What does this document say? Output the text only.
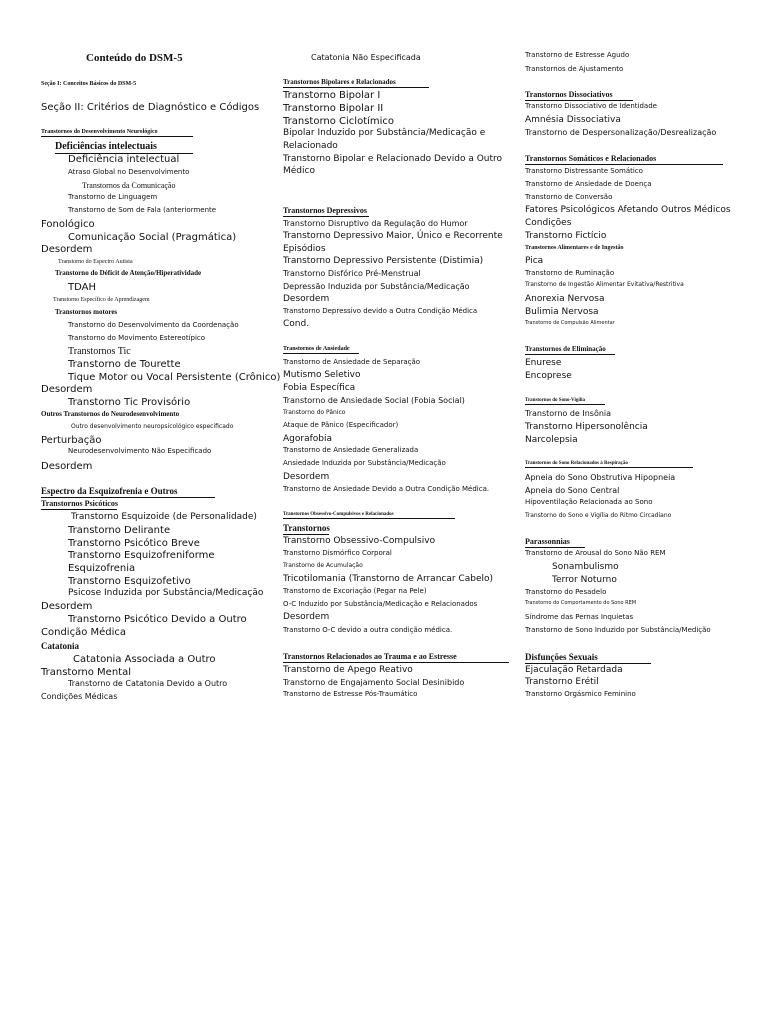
Conteúdo do DSM-5
Seção I: Conceitos Básicos do DSM-5
Seção II: Critérios de Diagnóstico e Códigos
Transtornos do Desenvolvimento Neurológico
Deficiências intelectuais
Deficiência intelectual
Atraso Global no Desenvolvimento
Transtornos da Comunicação
Transtorno de Linguagem
Transtorno de Som de Fala (anteriormente
Fonológico
Comunicação Social (Pragmática)
Desordem
Transtorno do Espectro Autista
Transtorno do Déficit de Atenção/Hiperatividade
TDAH
Transtorno Específico de Aprendizagem
Transtornos motores
Transtorno do Desenvolvimento da Coordenação
Transtorno do Movimento Estereotípico
Transtornos Tic
Transtorno de Tourette
Tique Motor ou Vocal Persistente (Crônico)
Desordem
Transtorno Tic Provisório
Outros Transtornos do Neurodesenvolvimento
Outro desenvolvimento neuropsicológico especificado
Perturbação
Neurodesenvolvimento Não Especificado
Desordem
Espectro da Esquizofrenia e Outros
Transtornos Psicóticos
Transtorno Esquizoide (de Personalidade)
Transtorno Delirante
Transtorno Psicótico Breve
Transtorno Esquizofreniforme
Esquizofrenia
Transtorno Esquizofetivo
Psicose Induzida por Substância/Medicação
Desordem
Transtorno Psicótico Devido a Outro
Condição Médica
Catatonia
Catatonia Associada a Outro
Transtorno Mental
Transtorno de Catatonia Devido a Outro
Condições Médicas
Catatonia Não Especificada
Transtornos Bipolares e Relacionados
Transtorno Bipolar I
Transtorno Bipolar II
Transtorno Ciclotímico
Bipolar Induzido por Substância/Medicação e
Relacionado
Transtorno Bipolar e Relacionado Devido a Outro
Médico
Transtornos Depressivos
Transtorno Disruptivo da Regulação do Humor
Transtorno Depressivo Maior, Único e Recorrente
Episódios
Transtorno Depressivo Persistente (Distimia)
Transtorno Disfórico Pré-Menstrual
Depressão Induzida por Substância/Medicação
Desordem
Transtorno Depressivo devido a Outra Condição Médica
Cond.
Transtornos de Ansiedade
Transtorno de Ansiedade de Separação
Mutismo Seletivo
Fobia Específica
Transtorno de Ansiedade Social (Fobia Social)
Transtorno do Pânico
Ataque de Pânico (Especificador)
Agorafobia
Transtorno de Ansiedade Generalizada
Ansiedade Induzida por Substância/Medicação
Desordem
Transtorno de Ansiedade Devido a Outra Condição Médica.
Transtornos Obsessivo-Compulsivos e Relacionados
Transtornos
Transtorno Obsessivo-Compulsivo
Transtorno Dismórfico Corporal
Transtorno de Acumulação
Tricotilomania (Transtorno de Arrancar Cabelo)
Transtorno de Excoriação (Pegar na Pele)
O-C Induzido por Substância/Medicação e Relacionados
Desordem
Transtorno O-C devido a outra condição médica.
Transtornos Relacionados ao Trauma e ao Estresse
Transtorno de Apego Reativo
Transtorno de Engajamento Social Desinibido
Transtorno de Estresse Pós-Traumático
Transtorno de Estresse Agudo
Transtornos de Ajustamento
Transtornos Dissociativos
Transtorno Dissociativo de Identidade
Amnésia Dissociativa
Transtorno de Despersonalização/Desrealização
Transtornos Somáticos e Relacionados
Transtorno Distressante Somático
Transtorno de Ansiedade de Doença
Transtorno de Conversão
Fatores Psicológicos Afetando Outros Médicos
Condições
Transtorno Fictício
Transtornos Alimentares e de Ingestão
Pica
Transtorno de Ruminação
Transtorno de Ingestão Alimentar Evitativa/Restritiva
Anorexia Nervosa
Bulimia Nervosa
Transtorno de Compulsão Alimentar
Transtornos de Eliminação
Enurese
Encoprese
Transtornos do Sono-Vigília
Transtorno de Insônia
Transtorno Hipersonolência
Narcolepsia
Transtornos do Sono Relacionados à Respiração
Apneia do Sono Obstrutiva Hipopneia
Apneia do Sono Central
Hipoventilação Relacionada ao Sono
Transtorno do Sono e Vigília do Ritmo Circadiano
Parassonnias
Transtorno de Arousal do Sono Não REM
Sonambulismo
Terror Noturno
Transtorno do Pesadelo
Transtorno do Comportamento do Sono REM
Síndrome das Pernas Inquietas
Transtorno de Sono Induzido por Substância/Medição
Disfunções Sexuais
Ejaculação Retardada
Transtorno Erétil
Transtorno Orgásmico Feminino
